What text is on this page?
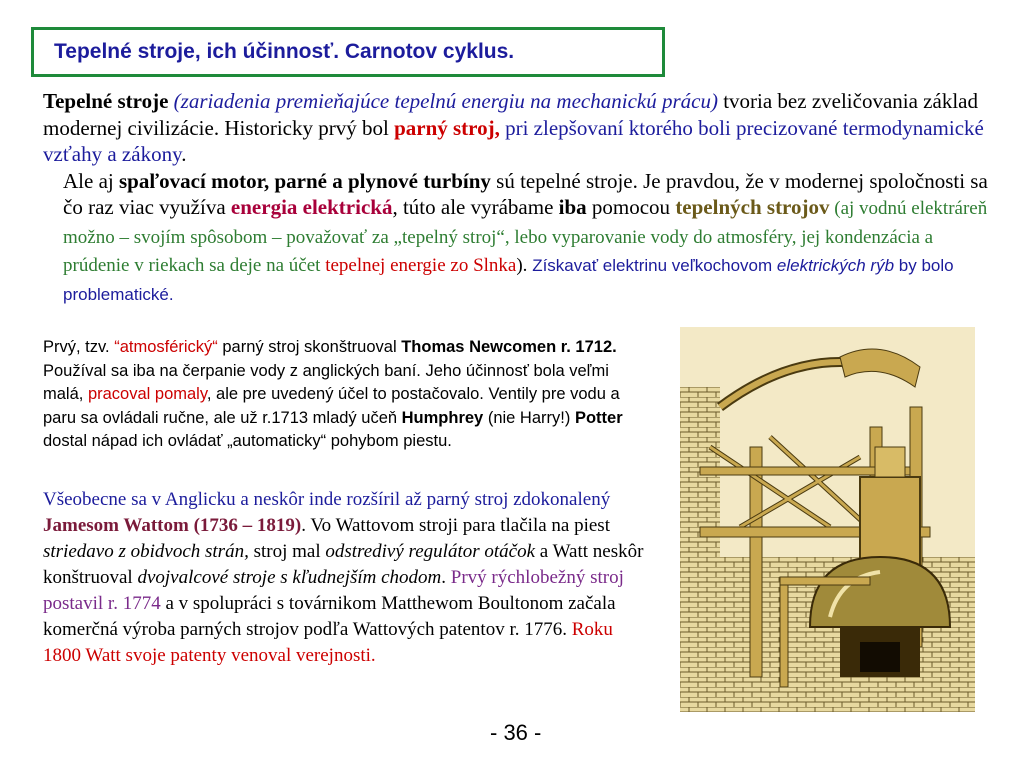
Tepelné stroje, ich účinnosť. Carnotov cyklus.

Tepelné stroje (zariadenia premieňajúce tepelnú energiu na mechanickú prácu) tvoria bez zveličovania základ modernej civilizácie. Historicky prvý bol parný stroj, pri zlepšovaní ktorého boli precizované termodynamické vzťahy a zákony.

Ale aj spaľovací motor, parné a plynové turbíny sú tepelné stroje. Je pravdou, že v modernej spoločnosti sa čo raz viac využíva energia elektrická, túto ale vyrábame iba pomocou tepelných strojov (aj vodnú elektráreň možno – svojím spôsobom – považovať za „tepelný stroj“, lebo vyparovanie vody do atmosféry, jej kondenzácia a prúdenie v riekach sa deje na účet tepelnej energie zo Slnka). Získavať elektrinu veľkochovom elektrických rýb by bolo problematické.

Prvý, tzv. “atmosférický“ parný stroj skonštruoval Thomas Newcomen r. 1712. Používal sa iba na čerpanie vody z anglických baní. Jeho účinnosť bola veľmi malá, pracoval pomaly, ale pre uvedený účel to postačovalo. Ventily pre vodu a paru sa ovládali ručne, ale už r.1713 mladý učeň Humphrey (nie Harry!) Potter dostal nápad ich ovládať „automaticky“ pohybom piestu.

Všeobecne sa v Anglicku a neskôr inde rozšíril až parný stroj zdokonalený Jamesom Wattom (1736 – 1819). Vo Wattovom stroji para tlačila na piest striedavo z obidvoch strán, stroj mal odstredivý regulátor otáčok a Watt neskôr konštruoval dvojvalcové stroje s kľudnejším chodom. Prvý rýchlobežný stroj postavil r. 1774 a v spolupráci s továrnikom Matthewom Boultonom začala komerčná výroba parných strojov podľa Wattových patentov r. 1776. Roku 1800 Watt svoje patenty venoval verejnosti.

- 36 -
